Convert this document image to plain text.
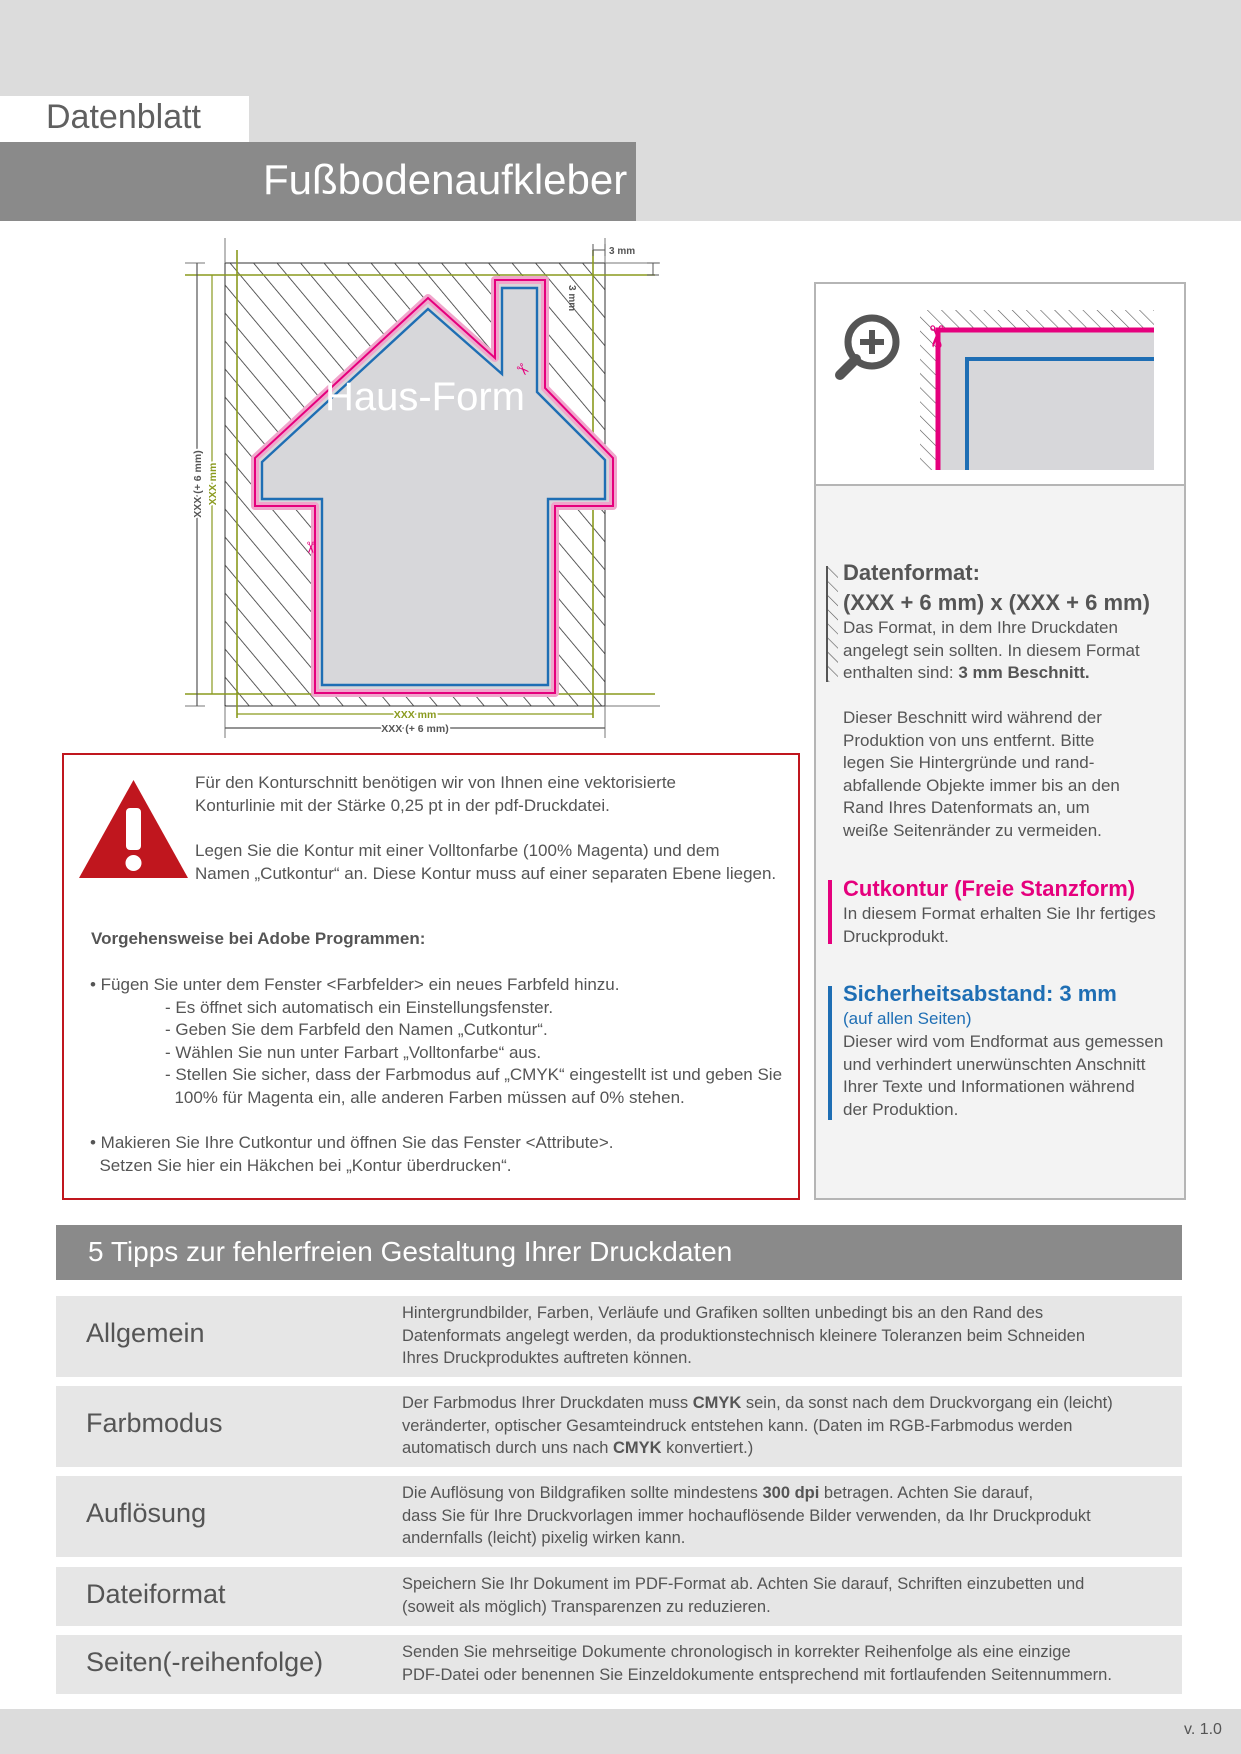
Datenblatt
Fußbodenaufkleber
Haus-Form
✂
✂
3 mm
3 mm
XXX mm
XXX (+ 6 mm)
XXX mm
XXX (+ 6 mm)
✂
Datenformat:
(XXX + 6 mm) x (XXX + 6 mm)
Das Format, in dem Ihre Druckdaten
angelegt sein sollten. In diesem Format
enthalten sind: 3 mm Beschnitt.
Dieser Beschnitt wird während der
Produktion von uns entfernt. Bitte
legen Sie Hintergründe und rand-
abfallende Objekte immer bis an den
Rand Ihres Datenformats an, um
weiße Seitenränder zu vermeiden.
Cutkontur (Freie Stanzform)
In diesem Format erhalten Sie Ihr fertiges
Druckprodukt.
Sicherheitsabstand: 3 mm
(auf allen Seiten)
Dieser wird vom Endformat aus gemessen
und verhindert unerwünschten Anschnitt
Ihrer Texte und Informationen während
der Produktion.
Für den Konturschnitt benötigen wir von Ihnen eine vektorisierte
Konturlinie mit der Stärke 0,25 pt in der pdf-Druckdatei.
Legen Sie die Kontur mit einer Volltonfarbe (100% Magenta) und dem
Namen „Cutkontur“ an. Diese Kontur muss auf einer separaten Ebene liegen.
Vorgehensweise bei Adobe Programmen:
• Fügen Sie unter dem Fenster <Farbfelder> ein neues Farbfeld hinzu.
- Es öffnet sich automatisch ein Einstellungsfenster.
- Geben Sie dem Farbfeld den Namen „Cutkontur“.
- Wählen Sie nun unter Farbart „Volltonfarbe“ aus.
- Stellen Sie sicher, dass der Farbmodus auf „CMYK“ eingestellt ist und geben Sie
100% für Magenta ein, alle anderen Farben müssen auf 0% stehen.
• Makieren Sie Ihre Cutkontur und öffnen Sie das Fenster <Attribute>.
Setzen Sie hier ein Häkchen bei „Kontur überdrucken“.
5 Tipps zur fehlerfreien Gestaltung Ihrer Druckdaten
Allgemein
Hintergrundbilder, Farben, Verläufe und Grafiken sollten unbedingt bis an den Rand des
Datenformats angelegt werden, da produktionstechnisch kleinere Toleranzen beim Schneiden
Ihres Druckproduktes auftreten können.
Farbmodus
Der Farbmodus Ihrer Druckdaten muss CMYK sein, da sonst nach dem Druckvorgang ein (leicht)
veränderter, optischer Gesamteindruck entstehen kann. (Daten im RGB-Farbmodus werden
automatisch durch uns nach CMYK konvertiert.)
Auflösung
Die Auflösung von Bildgrafiken sollte mindestens 300 dpi betragen. Achten Sie darauf,
dass Sie für Ihre Druckvorlagen immer hochauflösende Bilder verwenden, da Ihr Druckprodukt
andernfalls (leicht) pixelig wirken kann.
Dateiformat	Speichern Sie Ihr Dokument im PDF-Format ab. Achten Sie darauf, Schriften einzubetten und
(soweit als möglich) Transparenzen zu reduzieren.
Seiten(-reihenfolge)	Senden Sie mehrseitige Dokumente chronologisch in korrekter Reihenfolge als eine einzige
PDF-Datei oder benennen Sie Einzeldokumente entsprechend mit fortlaufenden Seitennummern.
v. 1.0
